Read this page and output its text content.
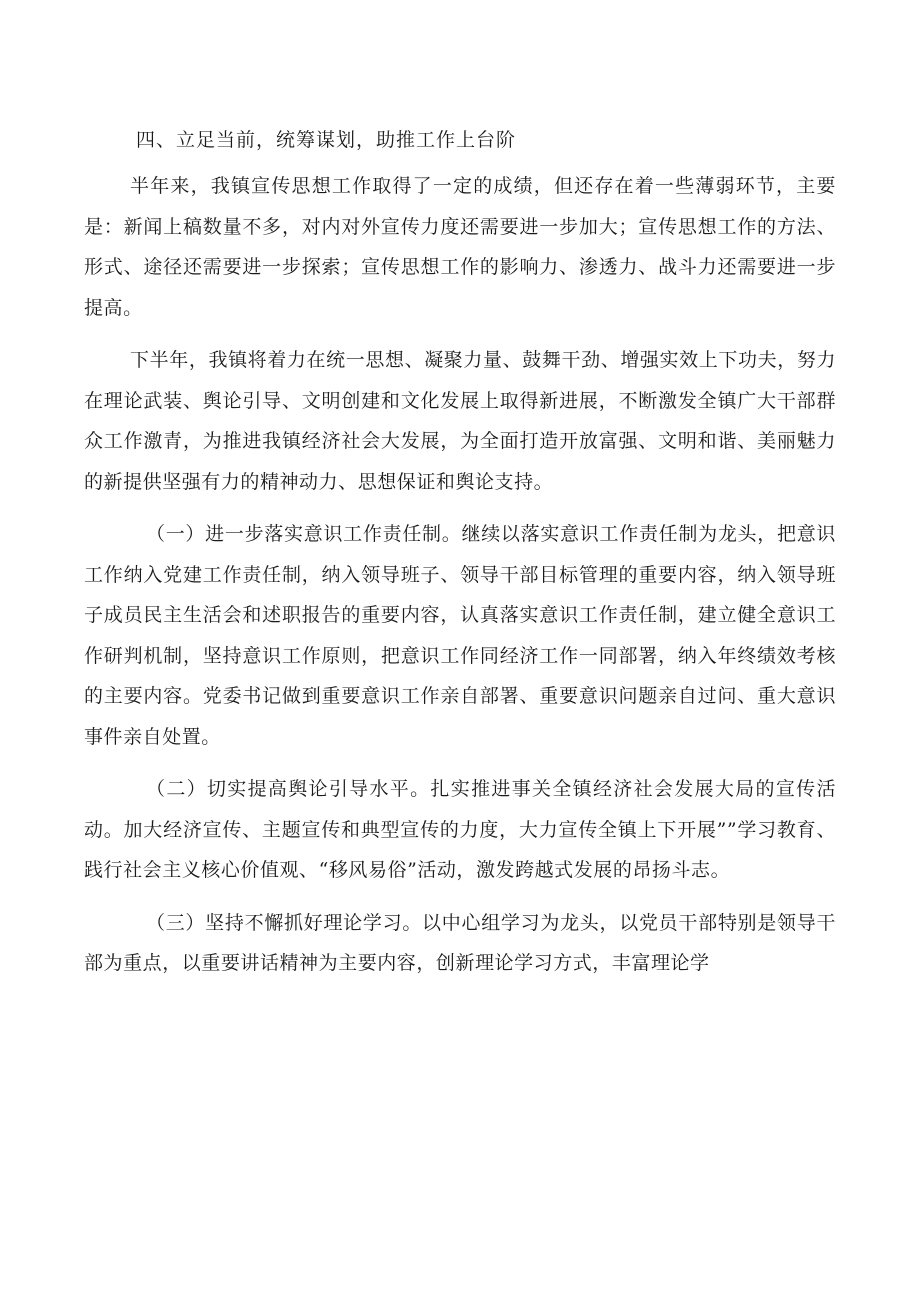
四、立足当前，统筹谋划，助推工作上台阶

半年来，我镇宣传思想工作取得了一定的成绩，但还存在着一些薄弱环节，主要是：新闻上稿数量不多，对内对外宣传力度还需要进一步加大；宣传思想工作的方法、形式、途径还需要进一步探索；宣传思想工作的影响力、渗透力、战斗力还需要进一步提高。

下半年，我镇将着力在统一思想、凝聚力量、鼓舞干劲、增强实效上下功夫，努力在理论武装、舆论引导、文明创建和文化发展上取得新进展，不断激发全镇广大干部群众工作激青，为推进我镇经济社会大发展，为全面打造开放富强、文明和谐、美丽魅力的新提供坚强有力的精神动力、思想保证和舆论支持。

（一）进一步落实意识工作责任制。继续以落实意识工作责任制为龙头，把意识工作纳入党建工作责任制，纳入领导班子、领导干部目标管理的重要内容，纳入领导班子成员民主生活会和述职报告的重要内容，认真落实意识工作责任制，建立健全意识工作研判机制，坚持意识工作原则，把意识工作同经济工作一同部署，纳入年终绩效考核的主要内容。党委书记做到重要意识工作亲自部署、重要意识问题亲自过问、重大意识事件亲自处置。

（二）切实提高舆论引导水平。扎实推进事关全镇经济社会发展大局的宣传活动。加大经济宣传、主题宣传和典型宣传的力度，大力宣传全镇上下开展””学习教育、践行社会主义核心价值观、“移风易俗”活动，激发跨越式发展的昂扬斗志。

（三）坚持不懈抓好理论学习。以中心组学习为龙头，以党员干部特别是领导干部为重点，以重要讲话精神为主要内容，创新理论学习方式，丰富理论学
